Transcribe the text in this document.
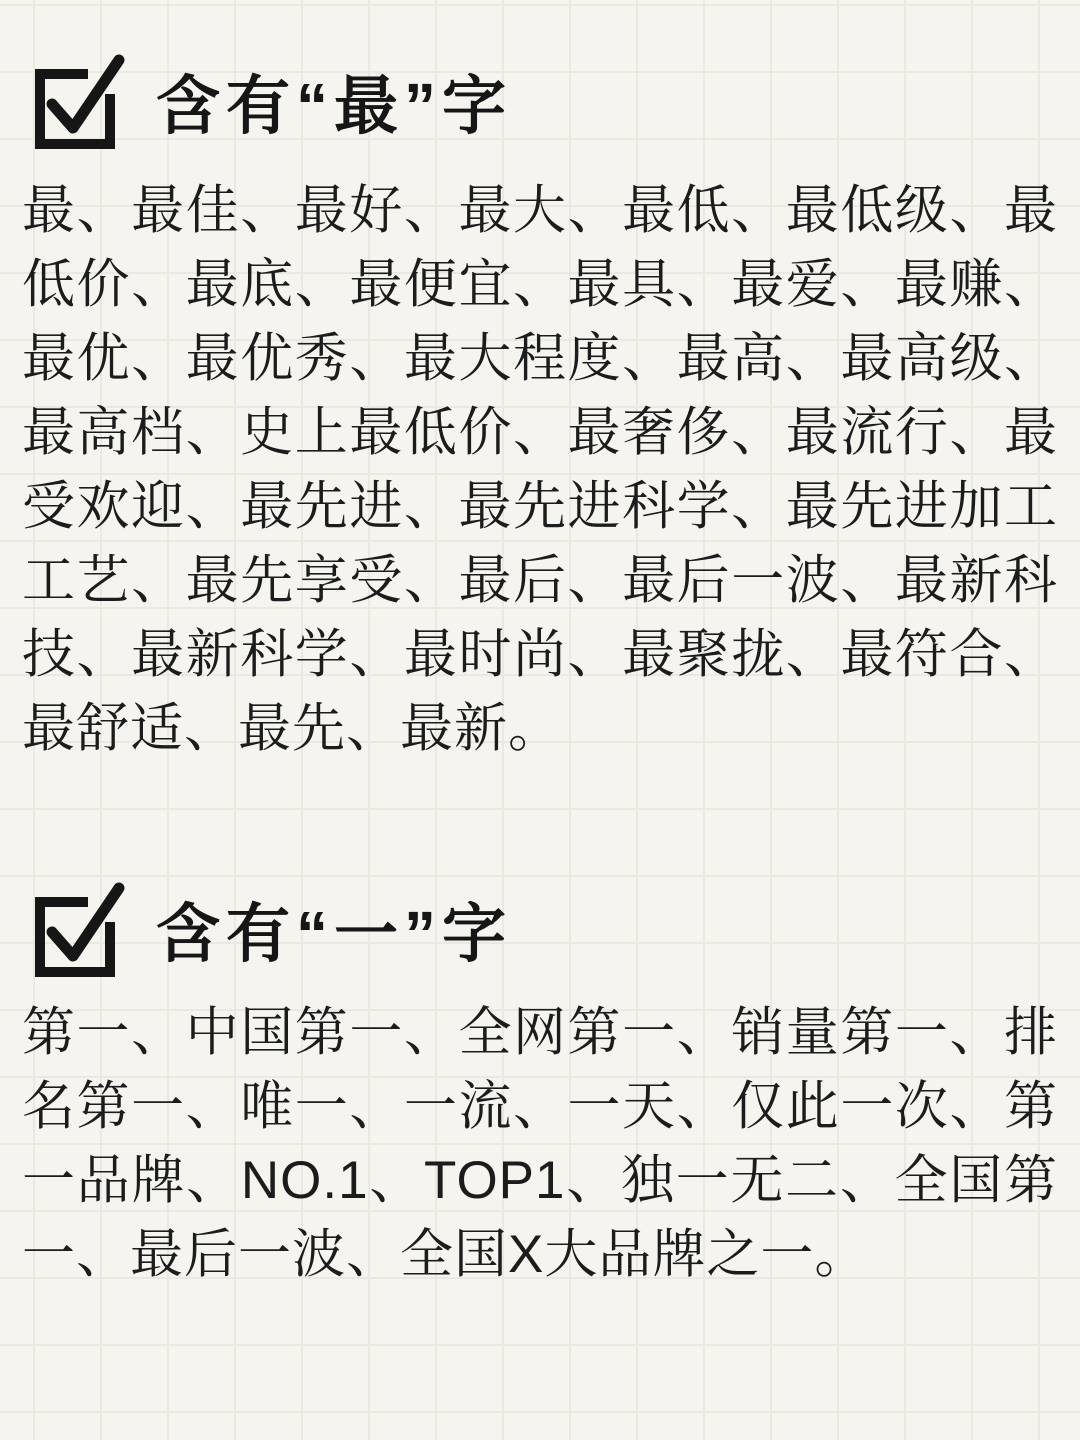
含有“最”字
最、最佳、最好、最大、最低、最低级、最低价、最底、最便宜、最具、最爱、最赚、最优、最优秀、最大程度、最高、最高级、最高档、史上最低价、最奢侈、最流行、最受欢迎、最先进、最先进科学、最先进加工工艺、最先享受、最后、最后一波、最新科技、最新科学、最时尚、最聚拢、最符合、最舒适、最先、最新。
含有“一”字
第一、中国第一、全网第一、销量第一、排名第一、唯一、一流、一天、仅此一次、第一品牌、NO.1、TOP1、独一无二、全国第一、最后一波、全国X大品牌之一。
